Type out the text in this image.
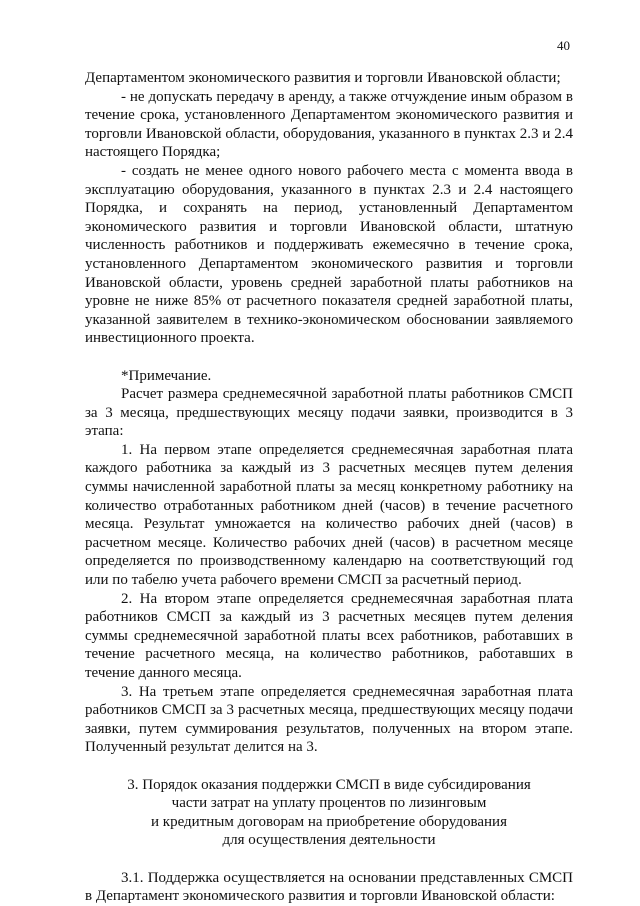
40

Департаментом экономического развития и торговли Ивановской области;

- не допускать передачу в аренду, а также отчуждение иным образом в течение срока, установленного Департаментом экономического развития и торговли Ивановской области, оборудования, указанного в пунктах 2.3 и 2.4 настоящего Порядка;

- создать не менее одного нового рабочего места с момента ввода в эксплуатацию оборудования, указанного в пунктах 2.3 и 2.4 настоящего Порядка, и сохранять на период, установленный Департаментом экономического развития и торговли Ивановской области, штатную численность работников и поддерживать ежемесячно в течение срока, установленного Департаментом экономического развития и торговли Ивановской области, уровень средней заработной платы работников на уровне не ниже 85% от расчетного показателя средней заработной платы, указанной заявителем в технико-экономическом обосновании заявляемого инвестиционного проекта.

*Примечание.

Расчет размера среднемесячной заработной платы работников СМСП за 3 месяца, предшествующих месяцу подачи заявки, производится в 3 этапа:

1. На первом этапе определяется среднемесячная заработная плата каждого работника за каждый из 3 расчетных месяцев путем деления суммы начисленной заработной платы за месяц конкретному работнику на количество отработанных работником дней (часов) в течение расчетного месяца. Результат умножается на количество рабочих дней (часов) в расчетном месяце. Количество рабочих дней (часов) в расчетном месяце определяется по производственному календарю на соответствующий год или по табелю учета рабочего времени СМСП за расчетный период.

2. На втором этапе определяется среднемесячная заработная плата работников СМСП за каждый из 3 расчетных месяцев путем деления суммы среднемесячной заработной платы всех работников, работавших в течение расчетного месяца, на количество работников, работавших в течение данного месяца.

3. На третьем этапе определяется среднемесячная заработная плата работников СМСП за 3 расчетных месяца, предшествующих месяцу подачи заявки, путем суммирования результатов, полученных на втором этапе. Полученный результат делится на 3.

3. Порядок оказания поддержки СМСП в виде субсидирования

части затрат на уплату процентов по лизинговым

и кредитным договорам на приобретение оборудования

для осуществления деятельности

3.1. Поддержка осуществляется на основании представленных СМСП в Департамент экономического развития и торговли Ивановской области:
